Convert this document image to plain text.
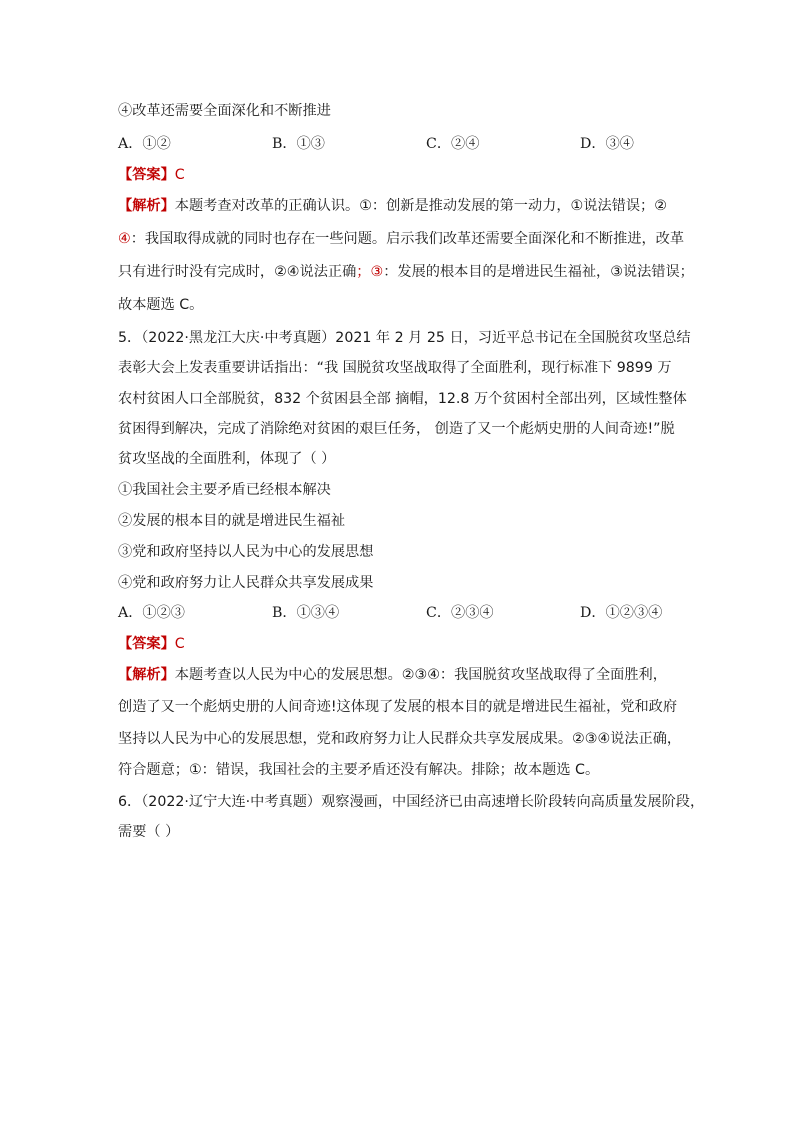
④改革还需要全面深化和不断推进
A．①②	B．①③	C．②④	D．③④
【答案】C
【解析】本题考查对改革的正确认识。①：创新是推动发展的第一动力，①说法错误；②
④：我国取得成就的同时也存在一些问题。启示我们改革还需要全面深化和不断推进，改革
只有进行时没有完成时，②④说法正确；③：发展的根本目的是增进民生福祉，③说法错误；
故本题选 C。
5．（2022·黑龙江大庆·中考真题）2021 年 2 月 25 日，习近平总书记在全国脱贫攻坚总结
表彰大会上发表重要讲话指出：“我 国脱贫攻坚战取得了全面胜利，现行标准下 9899 万
农村贫困人口全部脱贫，832 个贫困县全部 摘帽，12.8 万个贫困村全部出列，区域性整体
贫困得到解决，完成了消除绝对贫困的艰巨任务， 创造了又一个彪炳史册的人间奇迹!”脱
贫攻坚战的全面胜利，体现了（ ）
①我国社会主要矛盾已经根本解决
②发展的根本目的就是增进民生福祉
③党和政府坚持以人民为中心的发展思想
④党和政府努力让人民群众共享发展成果
A．①②③	B．①③④	C．②③④	D．①②③④
【答案】C
【解析】本题考查以人民为中心的发展思想。②③④：我国脱贫攻坚战取得了全面胜利，
创造了又一个彪炳史册的人间奇迹!这体现了发展的根本目的就是增进民生福祉，党和政府
坚持以人民为中心的发展思想，党和政府努力让人民群众共享发展成果。②③④说法正确，
符合题意；①：错误，我国社会的主要矛盾还没有解决。排除；故本题选 C。
6．（2022·辽宁大连·中考真题）观察漫画，中国经济已由高速增长阶段转向高质量发展阶段，
需要（ ）
